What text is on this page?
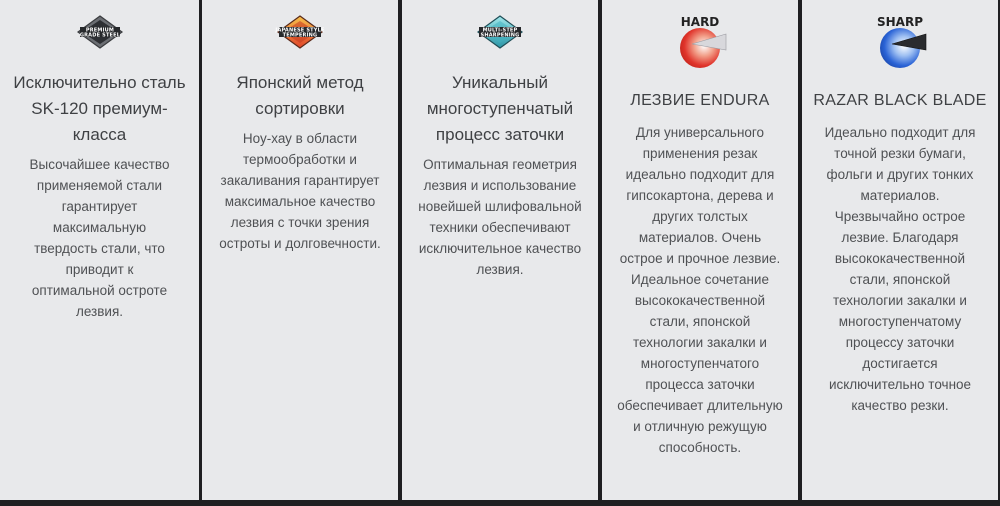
PREMIUM
GRADE STEEL

Исключительно сталь SK-120 премиум-класса

Высочайшее качество применяемой стали гарантирует максимальную твердость стали, что приводит к оптимальной остроте лезвия.

JAPANESE STYLE
TEMPERING

Японский метод сортировки

Ноу-хау в области термообработки и закаливания гарантирует максимальное качество лезвия с точки зрения остроты и долговечности.

MULTI-STEP
SHARPENING

Уникальный многоступенчатый процесс заточки

Оптимальная геометрия лезвия и использование новейшей шлифовальной техники обеспечивают исключительное качество лезвия.

HARD

ЛЕЗВИЕ ENDURA

Для универсального применения резак идеально подходит для гипсокартона, дерева и других толстых материалов. Очень острое и прочное лезвие. Идеальное сочетание высококачественной стали, японской технологии закалки и многоступенчатого процесса заточки обеспечивает длительную и отличную режущую способность.

SHARP

RAZAR BLACK BLADE

Идеально подходит для точной резки бумаги, фольги и других тонких материалов. Чрезвычайно острое лезвие. Благодаря высококачественной стали, японской технологии закалки и многоступенчатому процессу заточки достигается исключительно точное качество резки.
